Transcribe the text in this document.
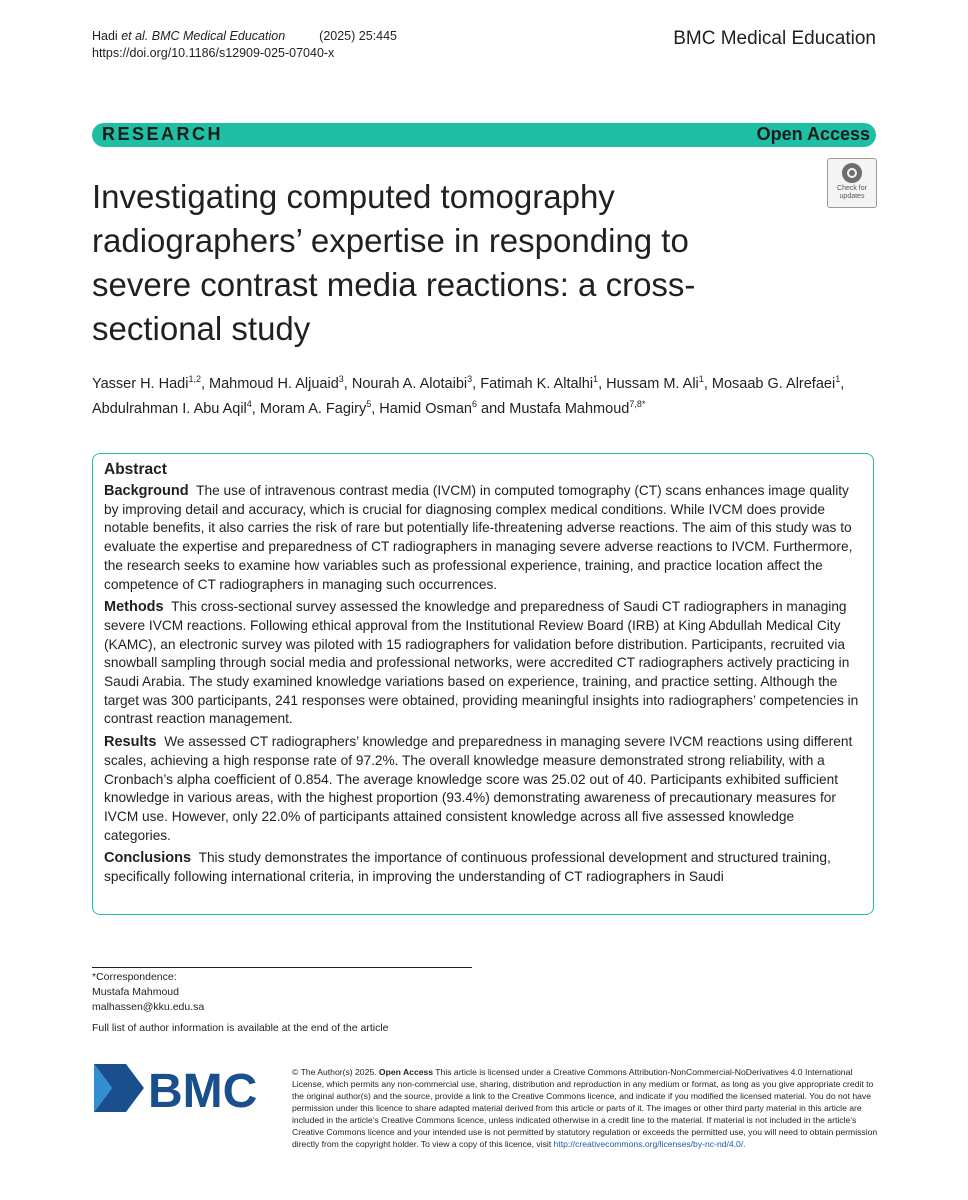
Hadi et al. BMC Medical Education	(2025) 25:445
https://doi.org/10.1186/s12909-025-07040-x
BMC Medical Education
RESEARCH	Open Access
Check for
updates
Investigating computed tomography radiographers’ expertise in responding to severe contrast media reactions: a cross-sectional study
Yasser H. Hadi$^{1,2}$, Mahmoud H. Aljuaid$^3$, Nourah A. Alotaibi$^3$, Fatimah K. Altalhi$^1$, Hussam M. Ali$^1$, Mosaab G. Alrefaei$^1$,
Abdulrahman I. Abu Aqil$^4$, Moram A. Fagiry$^5$, Hamid Osman$^6$ and Mustafa Mahmoud$^{7,8*}$
Abstract

Background The use of intravenous contrast media (IVCM) in computed tomography (CT) scans enhances image quality by improving detail and accuracy, which is crucial for diagnosing complex medical conditions. While IVCM does provide notable benefits, it also carries the risk of rare but potentially life-threatening adverse reactions. The aim of this study was to evaluate the expertise and preparedness of CT radiographers in managing severe adverse reactions to IVCM. Furthermore, the research seeks to examine how variables such as professional experience, training, and practice location affect the competence of CT radiographers in managing such occurrences.

Methods This cross-sectional survey assessed the knowledge and preparedness of Saudi CT radiographers in managing severe IVCM reactions. Following ethical approval from the Institutional Review Board (IRB) at King Abdullah Medical City (KAMC), an electronic survey was piloted with 15 radiographers for validation before distribution. Participants, recruited via snowball sampling through social media and professional networks, were accredited CT radiographers actively practicing in Saudi Arabia. The study examined knowledge variations based on experience, training, and practice setting. Although the target was 300 participants, 241 responses were obtained, providing meaningful insights into radiographers’ competencies in contrast reaction management.

Results We assessed CT radiographers’ knowledge and preparedness in managing severe IVCM reactions using different scales, achieving a high response rate of 97.2%. The overall knowledge measure demonstrated strong reliability, with a Cronbach’s alpha coefficient of 0.854. The average knowledge score was 25.02 out of 40. Participants exhibited sufficient knowledge in various areas, with the highest proportion (93.4%) demonstrating awareness of precautionary measures for IVCM use. However, only 22.0% of participants attained consistent knowledge across all five assessed knowledge categories.

Conclusions This study demonstrates the importance of continuous professional development and structured training, specifically following international criteria, in improving the understanding of CT radiographers in Saudi

*Correspondence:
Mustafa Mahmoud
malhassen@kku.edu.sa
Full list of author information is available at the end of the article
BMC	© The Author(s) 2025. Open Access This article is licensed under a Creative Commons Attribution-NonCommercial-NoDerivatives 4.0 International License, which permits any non-commercial use, sharing, distribution and reproduction in any medium or format, as long as you give appropriate credit to the original author(s) and the source, provide a link to the Creative Commons licence, and indicate if you modified the licensed material. You do not have permission under this licence to share adapted material derived from this article or parts of it. The images or other third party material in this article are included in the article’s Creative Commons licence, unless indicated otherwise in a credit line to the material. If material is not included in the article’s Creative Commons licence and your intended use is not permitted by statutory regulation or exceeds the permitted use, you will need to obtain permission directly from the copyright holder. To view a copy of this licence, visit http://creativecommons.org/licenses/by-nc-nd/4.0/.
